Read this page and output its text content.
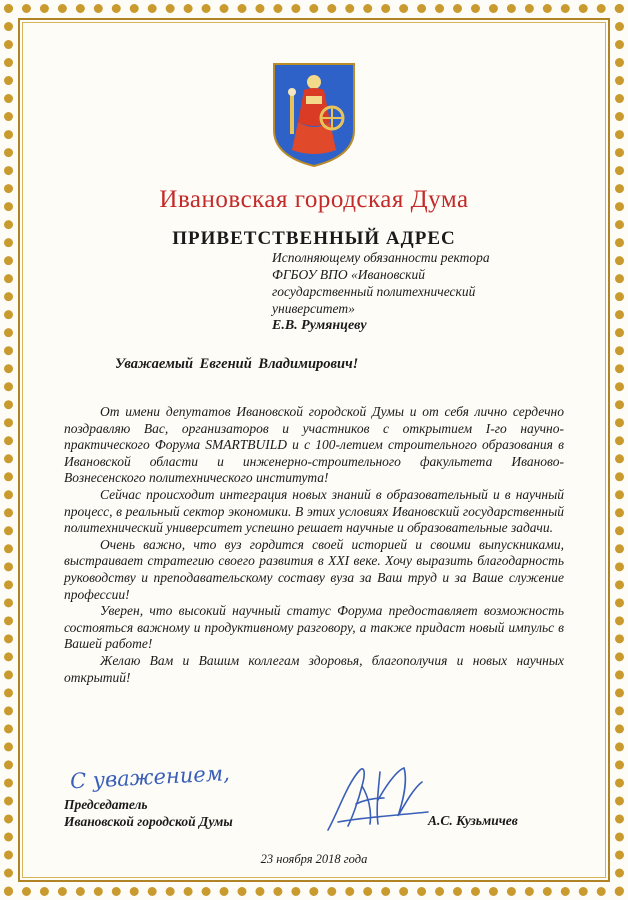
Ивановская городская Дума
ПРИВЕТСТВЕННЫЙ АДРЕС
Исполняющему обязанности ректора
ФГБОУ ВПО «Ивановский
государственный политехнический
университет»
Е.В. Румянцеву
Уважаемый Евгений Владимирович!

От имени депутатов Ивановской городской Думы и от себя лично сердечно поздравляю Вас, организаторов и участников с открытием I-го научно-практического Форума SMARTBUILD и с 100-летием строительного образования в Ивановской области и инженерно-строительного факультета Иваново-Вознесенского политехнического института!

Сейчас происходит интеграция новых знаний в образовательный и в научный процесс, в реальный сектор экономики. В этих условиях Ивановский государственный политехнический университет успешно решает научные и образовательные задачи.

Очень важно, что вуз гордится своей историей и своими выпускниками, выстраивает стратегию своего развития в XXI веке. Хочу выразить благодарность руководству и преподавательскому составу вуза за Ваш труд и за Ваше служение профессии!

Уверен, что высокий научный статус Форума предоставляет возможность состояться важному и продуктивному разговору, а также придаст новый импульс в Вашей работе!

Желаю Вам и Вашим коллегам здоровья, благополучия и новых научных открытий!

С уважением,
Председатель
Ивановской городской Думы	А.С. Кузьмичев
23 ноября 2018 года
